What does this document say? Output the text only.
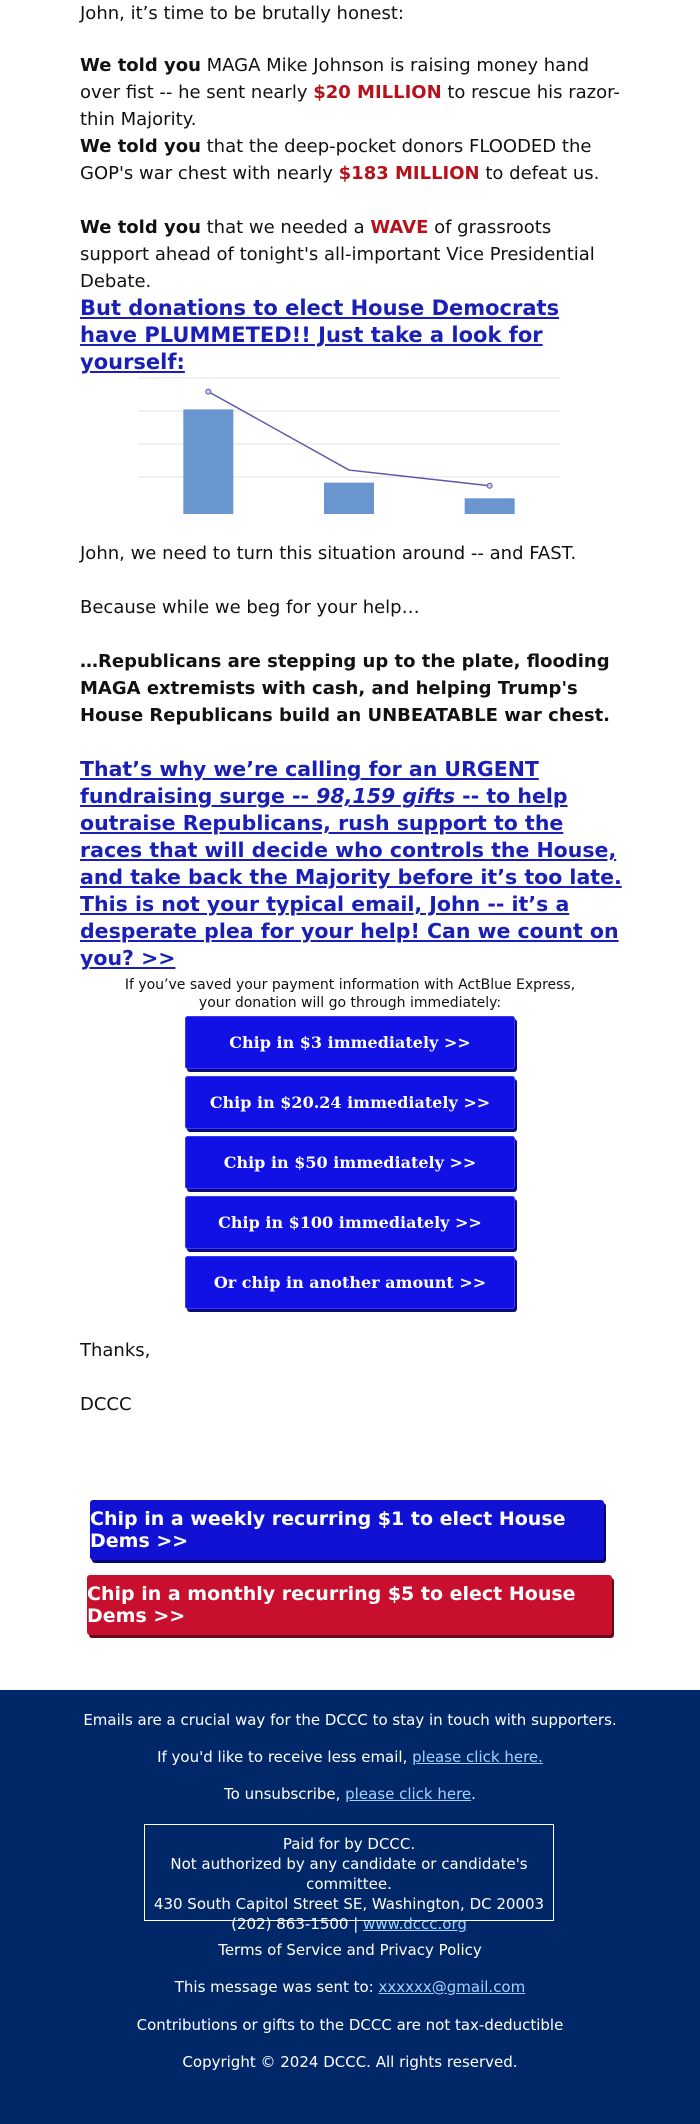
John, it’s time to be brutally honest:

We told you MAGA Mike Johnson is raising money hand over fist -- he sent nearly $20 MILLION to rescue his razor-thin Majority.

We told you that the deep-pocket donors FLOODED the GOP's war chest with nearly $183 MILLION to defeat us.

We told you that we needed a WAVE of grassroots support ahead of tonight's all-important Vice Presidential Debate.

But donations to elect House Democrats have PLUMMETED!! Just take a look for yourself:

John, we need to turn this situation around -- and FAST.

Because while we beg for your help…

…Republicans are stepping up to the plate, flooding MAGA extremists with cash, and helping Trump's House Republicans build an UNBEATABLE war chest.

That’s why we’re calling for an URGENT fundraising surge -- 98,159 gifts -- to help outraise Republicans, rush support to the races that will decide who controls the House, and take back the Majority before it’s too late. This is not your typical email, John -- it’s a desperate plea for your help! Can we count on you? >>
If you’ve saved your payment information with ActBlue Express,
your donation will go through immediately:
Chip in $3 immediately >>
Chip in $20.24 immediately >>
Chip in $50 immediately >>
Chip in $100 immediately >>
Or chip in another amount >>

Thanks,

DCCC

Chip in a weekly recurring $1 to elect House Dems >>
Chip in a monthly recurring $5 to elect House Dems >>
Emails are a crucial way for the DCCC to stay in touch with supporters.
If you'd like to receive less email, please click here.
To unsubscribe, please click here.
Paid for by DCCC.
Not authorized by any candidate or candidate's committee.
430 South Capitol Street SE, Washington, DC 20003
(202) 863-1500 | www.dccc.org
Terms of Service and Privacy Policy
This message was sent to: xxxxxx@gmail.com
Contributions or gifts to the DCCC are not tax-deductible
Copyright © 2024 DCCC. All rights reserved.
